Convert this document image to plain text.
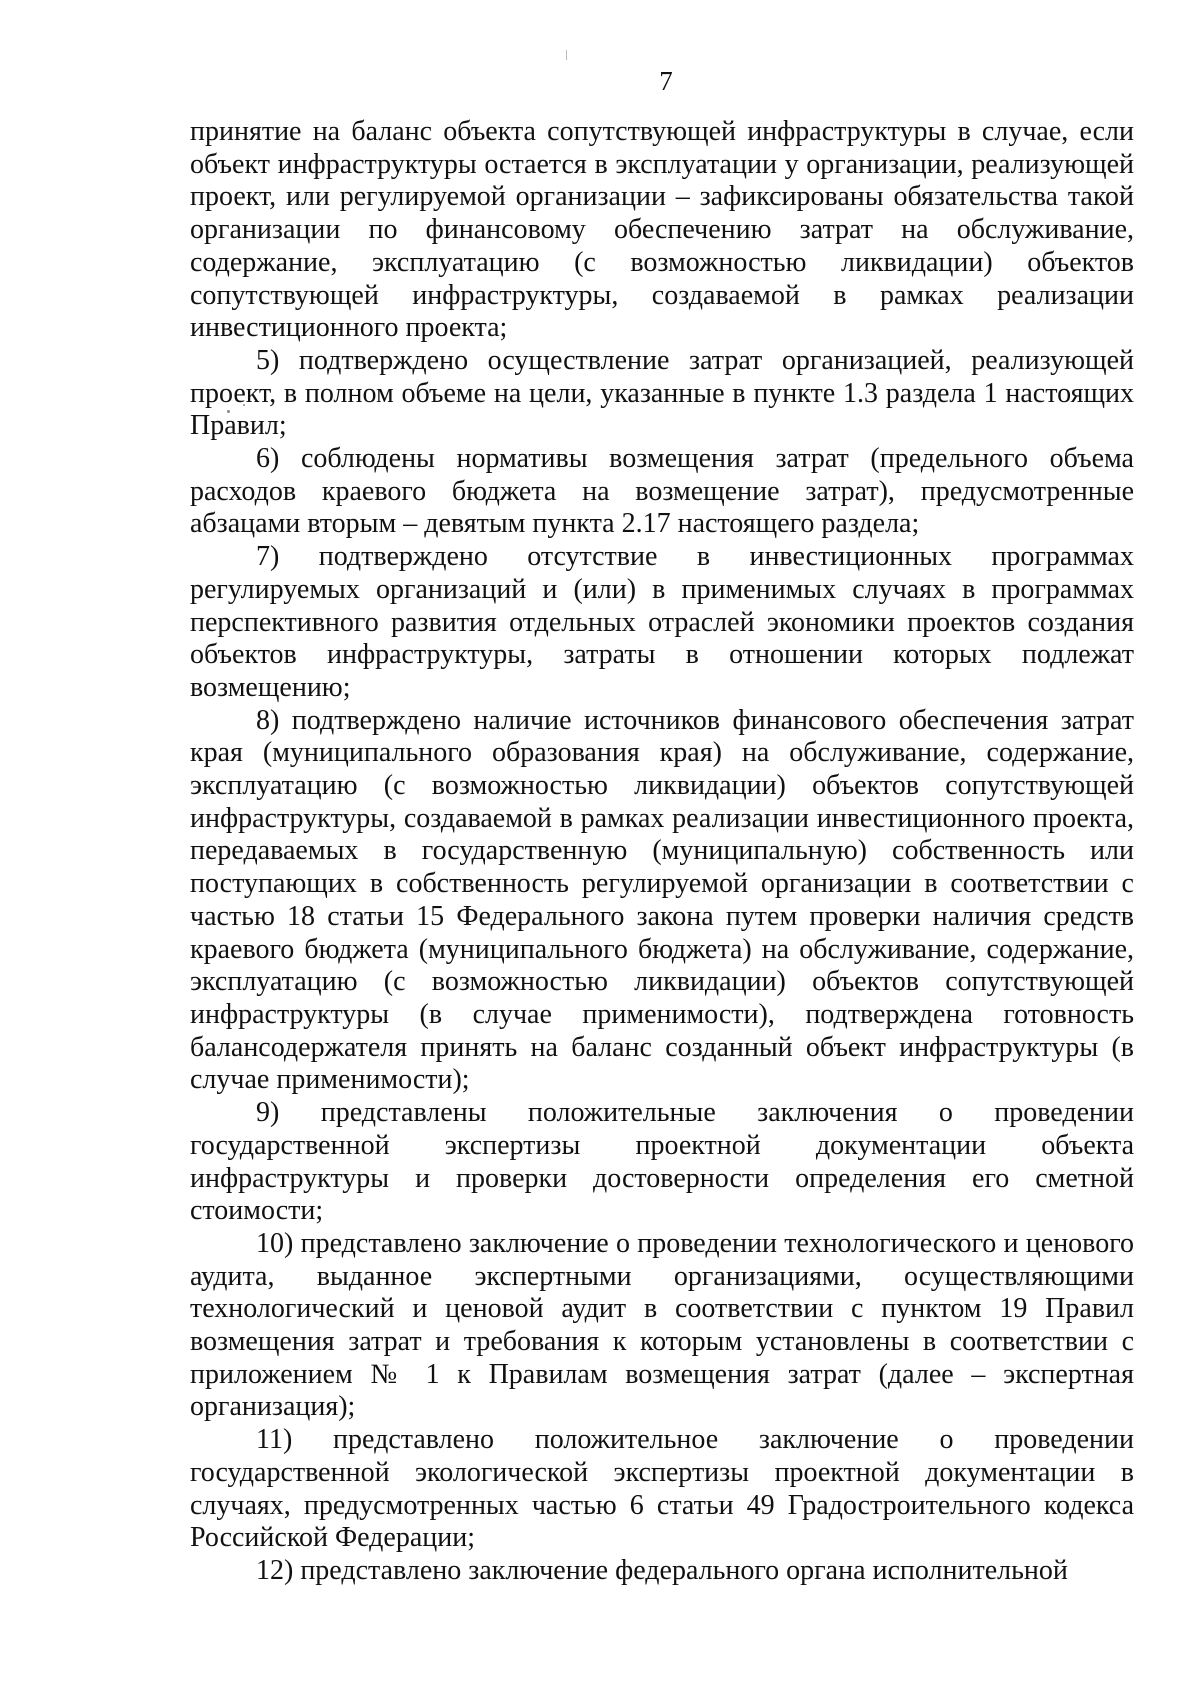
7

принятие на баланс объекта сопутствующей инфраструктуры в случае, если объект инфраструктуры остается в эксплуатации у организации, реализующей проект, или регулируемой организации – зафиксированы обязательства такой организации по финансовому обеспечению затрат на обслуживание, содержание, эксплуатацию (с возможностью ликвидации) объектов сопутствующей инфраструктуры, создаваемой в рамках реализации инвестиционного проекта;

5) подтверждено осуществление затрат организацией, реализующей проект, в полном объеме на цели, указанные в пункте 1.3 раздела 1 настоящих Правил;

6) соблюдены нормативы возмещения затрат (предельного объема расходов краевого бюджета на возмещение затрат), предусмотренные абзацами вторым – девятым пункта 2.17 настоящего раздела;

7) подтверждено отсутствие в инвестиционных программах регулируемых организаций и (или) в применимых случаях в программах перспективного развития отдельных отраслей экономики проектов создания объектов инфраструктуры, затраты в отношении которых подлежат возмещению;

8) подтверждено наличие источников финансового обеспечения затрат края (муниципального образования края) на обслуживание, содержание, эксплуатацию (с возможностью ликвидации) объектов сопутствующей инфраструктуры, создаваемой в рамках реализации инвестиционного проекта, передаваемых в государственную (муниципальную) собственность или поступающих в собственность регулируемой организации в соответствии с частью 18 статьи 15 Федерального закона путем проверки наличия средств краевого бюджета (муниципального бюджета) на обслуживание, содержание, эксплуатацию (с возможностью ликвидации) объектов сопутствующей инфраструктуры (в случае применимости), подтверждена готовность балансодержателя принять на баланс созданный объект инфраструктуры (в случае применимости);

9) представлены положительные заключения о проведении государственной экспертизы проектной документации объекта инфраструктуры и проверки достоверности определения его сметной стоимости;

10) представлено заключение о проведении технологического и ценового аудита, выданное экспертными организациями, осуществляющими технологический и ценовой аудит в соответствии с пунктом 19 Правил возмещения затрат и требования к которым установлены в соответствии с приложением № 1 к Правилам возмещения затрат (далее – экспертная организация);

11) представлено положительное заключение о проведении государственной экологической экспертизы проектной документации в случаях, предусмотренных частью 6 статьи 49 Градостроительного кодекса Российской Федерации;

12) представлено заключение федерального органа исполнительной
